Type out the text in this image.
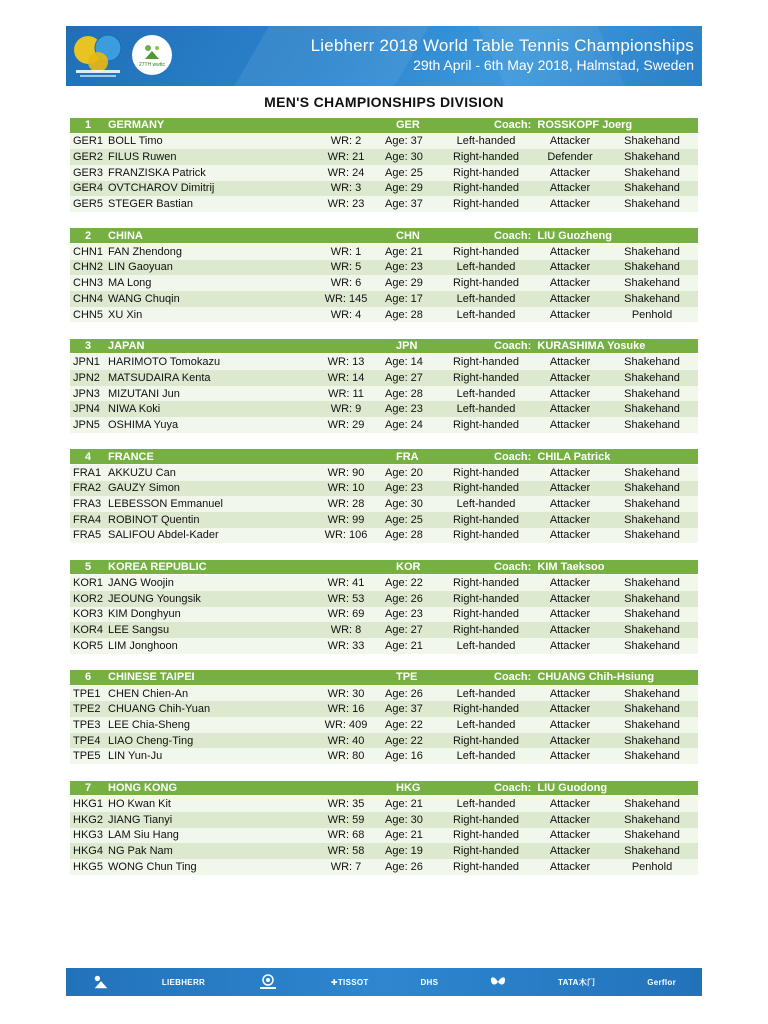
27TH wwttc
Liebherr 2018 World Table Tennis Championships
29th April - 6th May 2018, Halmstad, Sweden
MEN'S CHAMPIONSHIPS DIVISION
1	GERMANY	GER	Coach: ROSSKOPF Joerg
GER1 BOLL Timo	WR: 2	Age: 37	Left-handed	Attacker	Shakehand
GER2 FILUS Ruwen	WR: 21	Age: 30	Right-handed	Defender	Shakehand
GER3 FRANZISKA Patrick	WR: 24	Age: 25	Right-handed	Attacker	Shakehand
GER4 OVTCHAROV Dimitrij	WR: 3	Age: 29	Right-handed	Attacker	Shakehand
GER5 STEGER Bastian	WR: 23	Age: 37	Right-handed	Attacker	Shakehand
2	CHINA	CHN	Coach: LIU Guozheng
CHN1 FAN Zhendong	WR: 1	Age: 21	Right-handed	Attacker	Shakehand
CHN2 LIN Gaoyuan	WR: 5	Age: 23	Left-handed	Attacker	Shakehand
CHN3 MA Long	WR: 6	Age: 29	Right-handed	Attacker	Shakehand
CHN4 WANG Chuqin	WR: 145	Age: 17	Left-handed	Attacker	Shakehand
CHN5 XU Xin	WR: 4	Age: 28	Left-handed	Attacker	Penhold
3	JAPAN	JPN	Coach: KURASHIMA Yosuke
JPN1 HARIMOTO Tomokazu	WR: 13	Age: 14	Right-handed	Attacker	Shakehand
JPN2 MATSUDAIRA Kenta	WR: 14	Age: 27	Right-handed	Attacker	Shakehand
JPN3 MIZUTANI Jun	WR: 11	Age: 28	Left-handed	Attacker	Shakehand
JPN4 NIWA Koki	WR: 9	Age: 23	Left-handed	Attacker	Shakehand
JPN5 OSHIMA Yuya	WR: 29	Age: 24	Right-handed	Attacker	Shakehand
4	FRANCE	FRA	Coach: CHILA Patrick
FRA1 AKKUZU Can	WR: 90	Age: 20	Right-handed	Attacker	Shakehand
FRA2 GAUZY Simon	WR: 10	Age: 23	Right-handed	Attacker	Shakehand
FRA3 LEBESSON Emmanuel	WR: 28	Age: 30	Left-handed	Attacker	Shakehand
FRA4 ROBINOT Quentin	WR: 99	Age: 25	Right-handed	Attacker	Shakehand
FRA5 SALIFOU Abdel-Kader	WR: 106	Age: 28	Right-handed	Attacker	Shakehand
5	KOREA REPUBLIC	KOR	Coach: KIM Taeksoo
KOR1 JANG Woojin	WR: 41	Age: 22	Right-handed	Attacker	Shakehand
KOR2 JEOUNG Youngsik	WR: 53	Age: 26	Right-handed	Attacker	Shakehand
KOR3 KIM Donghyun	WR: 69	Age: 23	Right-handed	Attacker	Shakehand
KOR4 LEE Sangsu	WR: 8	Age: 27	Right-handed	Attacker	Shakehand
KOR5 LIM Jonghoon	WR: 33	Age: 21	Left-handed	Attacker	Shakehand
6	CHINESE TAIPEI	TPE	Coach: CHUANG Chih-Hsiung
TPE1 CHEN Chien-An	WR: 30	Age: 26	Left-handed	Attacker	Shakehand
TPE2 CHUANG Chih-Yuan	WR: 16	Age: 37	Right-handed	Attacker	Shakehand
TPE3 LEE Chia-Sheng	WR: 409	Age: 22	Left-handed	Attacker	Shakehand
TPE4 LIAO Cheng-Ting	WR: 40	Age: 22	Right-handed	Attacker	Shakehand
TPE5 LIN Yun-Ju	WR: 80	Age: 16	Left-handed	Attacker	Shakehand
7	HONG KONG	HKG	Coach: LIU Guodong
HKG1 HO Kwan Kit	WR: 35	Age: 21	Left-handed	Attacker	Shakehand
HKG2 JIANG Tianyi	WR: 59	Age: 30	Right-handed	Attacker	Shakehand
HKG3 LAM Siu Hang	WR: 68	Age: 21	Right-handed	Attacker	Shakehand
HKG4 NG Pak Nam	WR: 58	Age: 19	Right-handed	Attacker	Shakehand
HKG5 WONG Chun Ting	WR: 7	Age: 26	Right-handed	Attacker	Penhold
LIEBHERR	✚ TISSOT	DHS	TATA木门	Gerflor
